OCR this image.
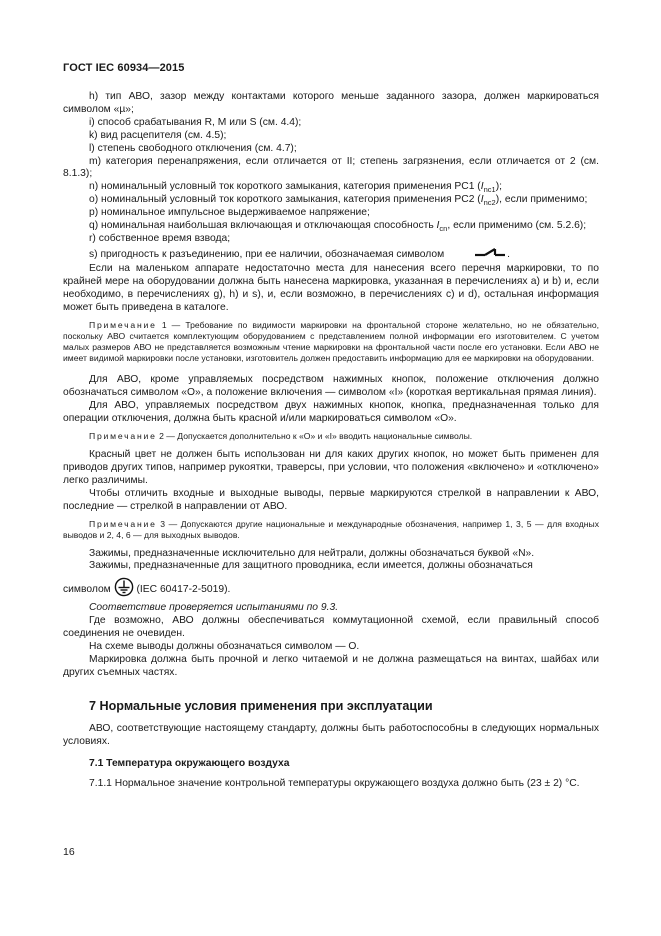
ГОСТ IEC 60934—2015

h) тип АВО, зазор между контактами которого меньше заданного зазора, должен маркироваться символом «µ»;

i) способ срабатывания R, M или S (см. 4.4);

k) вид расцепителя (см. 4.5);

l) степень свободного отключения (см. 4.7);

m) категория перенапряжения, если отличается от II; степень загрязнения, если отличается от 2 (см. 8.1.3);

n) номинальный условный ток короткого замыкания, категория применения PC1 $(I_{nc1})$;

o) номинальный условный ток короткого замыкания, категория применения PC2 $(I_{nc2})$, если применимо;

p) номинальное импульсное выдерживаемое напряжение;

q) номинальная наибольшая включающая и отключающая способность $I_{cn}$, если применимо (см. 5.2.6);

r) собственное время взвода;

s) пригодность к разъединению, при ее наличии, обозначаемая символом	.

Если на маленьком аппарате недостаточно места для нанесения всего перечня маркировки, то по крайней мере на оборудовании должна быть нанесена маркировка, указанная в перечислениях a) и b) и, если необходимо, в перечислениях g), h) и s), и, если возможно, в перечислениях c) и d), остальная информация может быть приведена в каталоге.

Примечание 1 — Требование по видимости маркировки на фронтальной стороне желательно, но не обязательно, поскольку АВО считается комплектующим оборудованием с представлением полной информации его изготовителем. С учетом малых размеров АВО не представляется возможным чтение маркировки на фронтальной части после его установки. Если АВО не имеет видимой маркировки после установки, изготовитель должен предоставить информацию для ее маркировки на оборудовании.

Для АВО, кроме управляемых посредством нажимных кнопок, положение отключения должно обозначаться символом «О», а положение включения — символом «I» (короткая вертикальная прямая линия).

Для АВО, управляемых посредством двух нажимных кнопок, кнопка, предназначенная только для операции отключения, должна быть красной и/или маркироваться символом «О».

Примечание 2 — Допускается дополнительно к «О» и «I» вводить национальные символы.

Красный цвет не должен быть использован ни для каких других кнопок, но может быть применен для приводов других типов, например рукоятки, траверсы, при условии, что положения «включено» и «отключено» легко различимы.

Чтобы отличить входные и выходные выводы, первые маркируются стрелкой в направлении к АВО, последние — стрелкой в направлении от АВО.

Примечание 3 — Допускаются другие национальные и международные обозначения, например 1, 3, 5 — для входных выводов и 2, 4, 6 — для выходных выводов.

Зажимы, предназначенные исключительно для нейтрали, должны обозначаться буквой «N».

Зажимы, предназначенные для защитного проводника, если имеется, должны обозначаться

символом  (IEC 60417-2-5019).

Соответствие проверяется испытаниями по 9.3.

Где возможно, АВО должны обеспечиваться коммутационной схемой, если правильный способ соединения не очевиден.

На схеме выводы должны обозначаться символом — О.

Маркировка должна быть прочной и легко читаемой и не должна размещаться на винтах, шайбах или других съемных частях.

7 Нормальные условия применения при эксплуатации

АВО, соответствующие настоящему стандарту, должны быть работоспособны в следующих нормальных условиях.

7.1 Температура окружающего воздуха

7.1.1 Нормальное значение контрольной температуры окружающего воздуха должно быть (23 ± 2) °С.

16
